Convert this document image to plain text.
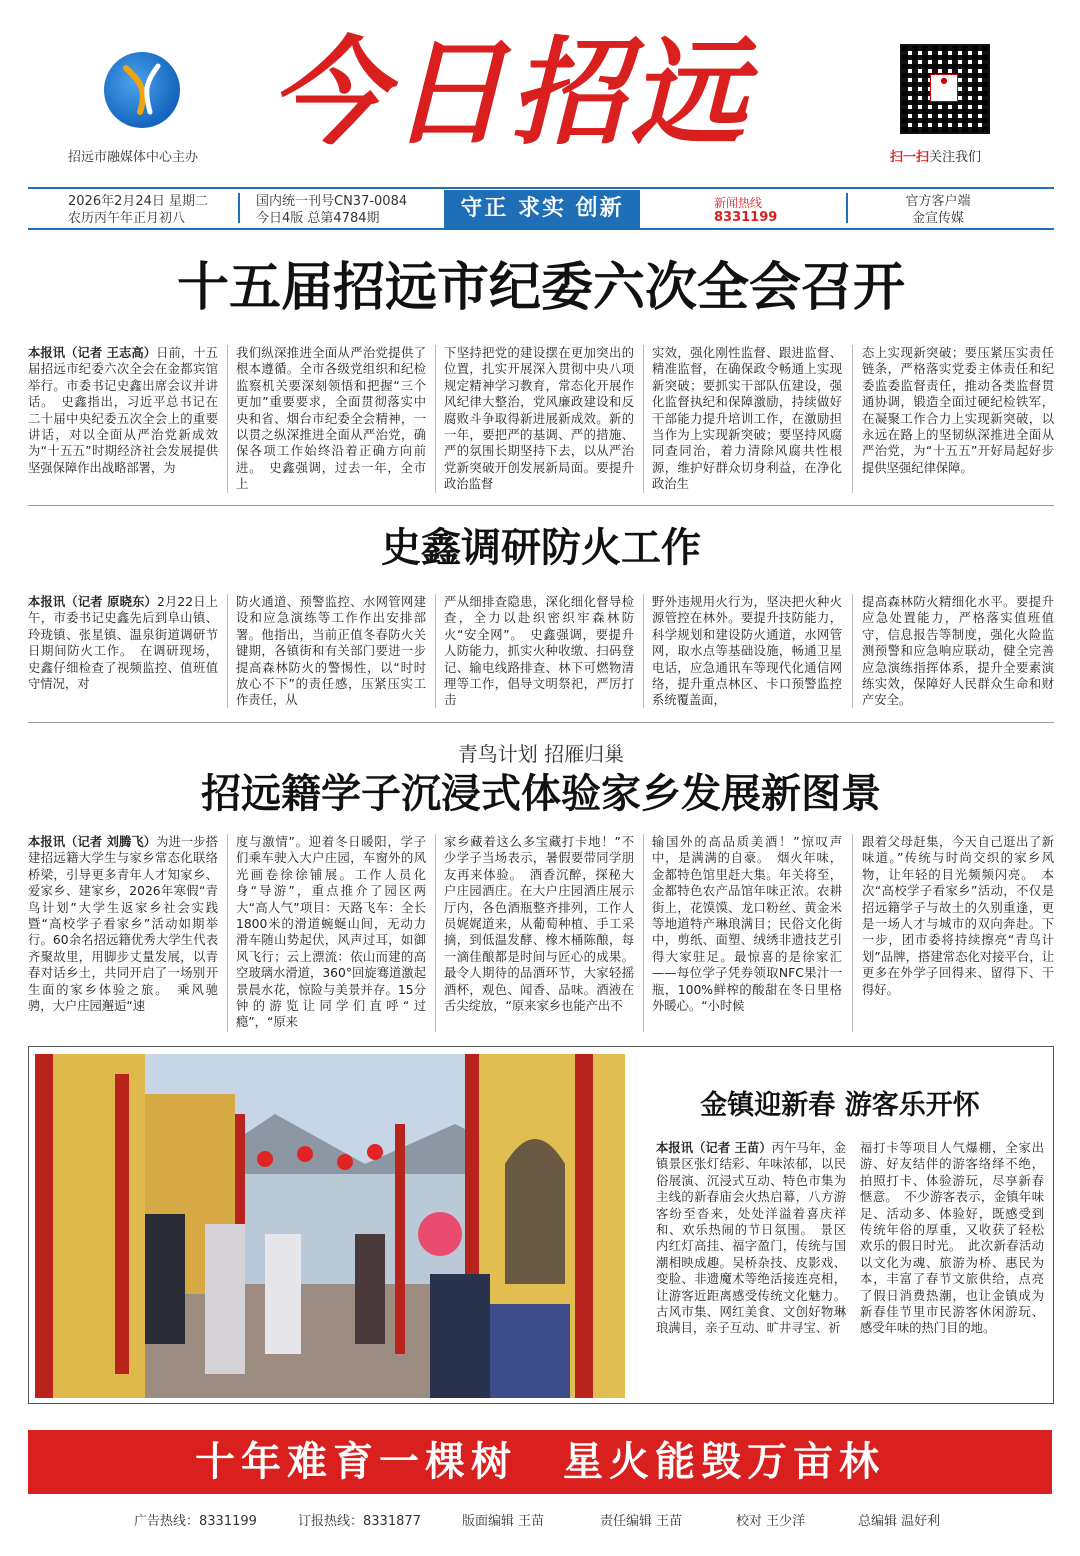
招远市融媒体中心主办 今日招远	●
扫一扫关注我们
2026年2月24日 星期二
农历丙午年正月初八
国内统一刊号CN37-0084
今日4版 总第4784期	守正 求实 创新	新闻热线
8331199
官方客户端
金宣传媒
十五届招远市纪委六次全会召开
本报讯（记者 王志高）日前，十五届招远市纪委六次全会在金都宾馆举行。市委书记史鑫出席会议并讲话。　史鑫指出，习近平总书记在二十届中央纪委五次全会上的重要讲话，对以全面从严治党新成效为“十五五”时期经济社会发展提供坚强保障作出战略部署，为
我们纵深推进全面从严治党提供了根本遵循。全市各级党组织和纪检监察机关要深刻领悟和把握“三个更加”重要要求，全面贯彻落实中央和省、烟台市纪委全会精神，一以贯之纵深推进全面从严治党，确保各项工作始终沿着正确方向前进。　史鑫强调，过去一年，全市上
下坚持把党的建设摆在更加突出的位置，扎实开展深入贯彻中央八项规定精神学习教育，常态化开展作风纪律大整治，党风廉政建设和反腐败斗争取得新进展新成效。新的一年，要把严的基调、严的措施、严的氛围长期坚持下去，以从严治党新突破开创发展新局面。要提升政治监督
实效，强化刚性监督、跟进监督、精准监督，在确保政令畅通上实现新突破；要抓实干部队伍建设，强化监督执纪和保障激励，持续做好干部能力提升培训工作，在激励担当作为上实现新突破；要坚持风腐同查同治，着力清除风腐共性根源，维护好群众切身利益，在净化政治生
态上实现新突破；要压紧压实责任链条，严格落实党委主体责任和纪委监委监督责任，推动各类监督贯通协调，锻造全面过硬纪检铁军，在凝聚工作合力上实现新突破，以永远在路上的坚韧纵深推进全面从严治党，为“十五五”开好局起好步提供坚强纪律保障。
史鑫调研防火工作
本报讯（记者 原晓东）2月22日上午，市委书记史鑫先后到阜山镇、玲珑镇、张星镇、温泉街道调研节日期间防火工作。　在调研现场，史鑫仔细检查了视频监控、值班值守情况，对
防火通道、预警监控、水网管网建设和应急演练等工作作出安排部署。他指出，当前正值冬春防火关键期，各镇街和有关部门要进一步提高森林防火的警惕性，以“时时放心不下”的责任感，压紧压实工作责任，从
严从细排查隐患，深化细化督导检查，全力以赴织密织牢森林防火“安全网”。　史鑫强调，要提升人防能力，抓实火种收缴、扫码登记、输电线路排查、林下可燃物清理等工作，倡导文明祭祀，严厉打击
野外违规用火行为，坚决把火种火源管控在林外。要提升技防能力，科学规划和建设防火通道，水网管网，取水点等基础设施，畅通卫星电话，应急通讯车等现代化通信网络，提升重点林区、卡口预警监控系统覆盖面，
提高森林防火精细化水平。要提升应急处置能力，严格落实值班值守，信息报告等制度，强化火险监测预警和应急响应联动，健全完善应急演练指挥体系，提升全要素演练实效，保障好人民群众生命和财产安全。
青鸟计划 招雁归巢
招远籍学子沉浸式体验家乡发展新图景
本报讯（记者 刘腾飞）为进一步搭建招远籍大学生与家乡常态化联络桥梁，引导更多青年人才知家乡、爱家乡、建家乡，2026年寒假“青鸟计划”大学生返家乡社会实践暨“高校学子看家乡”活动如期举行。60余名招远籍优秀大学生代表齐聚故里，用脚步丈量发展，以青春对话乡土，共同开启了一场别开生面的家乡体验之旅。　乘风驰骋，大户庄园邂逅“速
度与激情”。迎着冬日暖阳，学子们乘车驶入大户庄园，车窗外的风光画卷徐徐铺展。工作人员化身“导游”，重点推介了园区两大“高人气”项目：天路飞车：全长1800米的滑道蜿蜒山间，无动力滑车随山势起伏，风声过耳，如御风飞行；云上漂流：依山而建的高空玻璃水滑道，360°回旋骞道激起景晨水花，惊险与美景并存。15分钟的游览让同学们直呼“过瘾”，“原来
家乡藏着这么多宝藏打卡地！”不少学子当场表示，暑假要带同学朋友再来体验。　酒香沉醉，探秘大户庄园酒庄。在大户庄园酒庄展示厅内，各色酒瓶整齐排列，工作人员娓娓道来，从葡萄种植、手工采摘，到低温发酵、橡木桶陈酿，每一滴佳酿都是时间与匠心的成果。最令人期待的品酒环节，大家轻摇酒杯，观色、闻香、品味。酒液在舌尖绽放，“原来家乡也能产出不
输国外的高品质美酒！”惊叹声中，是满满的自豪。　烟火年味，金都特色馆里赶大集。年关将至，金都特色农产品馆年味正浓。农耕街上，花馍馍、龙口粉丝、黄金米等地道特产琳琅满目；民俗文化街中，剪纸、面塑、绒绣非遗技艺引得大家驻足。最惊喜的是徐家汇——每位学子凭券领取NFC果汁一瓶，100%鲜榨的酸甜在冬日里格外暖心。“小时候
跟着父母赶集，今天自己逛出了新味道。”传统与时尚交织的家乡风物，让年轻的目光频频闪亮。　本次“高校学子看家乡”活动，不仅是招远籍学子与故土的久别重逢，更是一场人才与城市的双向奔赴。下一步，团市委将持续擦亮“青鸟计划”品牌，搭建常态化对接平台，让更多在外学子回得来、留得下、干得好。
金镇迎新春 游客乐开怀
本报讯（记者 王苗）丙午马年，金镇景区张灯结彩、年味浓郁，以民俗展演、沉浸式互动、特色市集为主线的新春庙会火热启幕，八方游客纷至沓来，处处洋溢着喜庆祥和、欢乐热闹的节日氛围。　景区内红灯高挂、福字盈门，传统与国潮相映成趣。吴桥杂技、皮影戏、变脸、非遗魔术等绝活接连亮相，让游客近距离感受传统文化魅力。古风市集、网红美食、文创好物琳琅满目，亲子互动、旷井寻宝、祈
福打卡等项目人气爆棚，全家出游、好友结伴的游客络绎不绝，拍照打卡、体验游玩，尽享新春惬意。　不少游客表示，金镇年味足、活动多、体验好，既感受到传统年俗的厚重，又收获了轻松欢乐的假日时光。　此次新春活动以文化为魂、旅游为桥、惠民为本，丰富了春节文旅供给，点亮了假日消费热潮，也让金镇成为新春佳节里市民游客休闲游玩、感受年味的热门目的地。
十年难育一棵树　星火能毁万亩林
广告热线：8331199	订报热线：8331877	版面编辑 王苗	责任编辑 王苗	校对 王少洋	总编辑 温好利
